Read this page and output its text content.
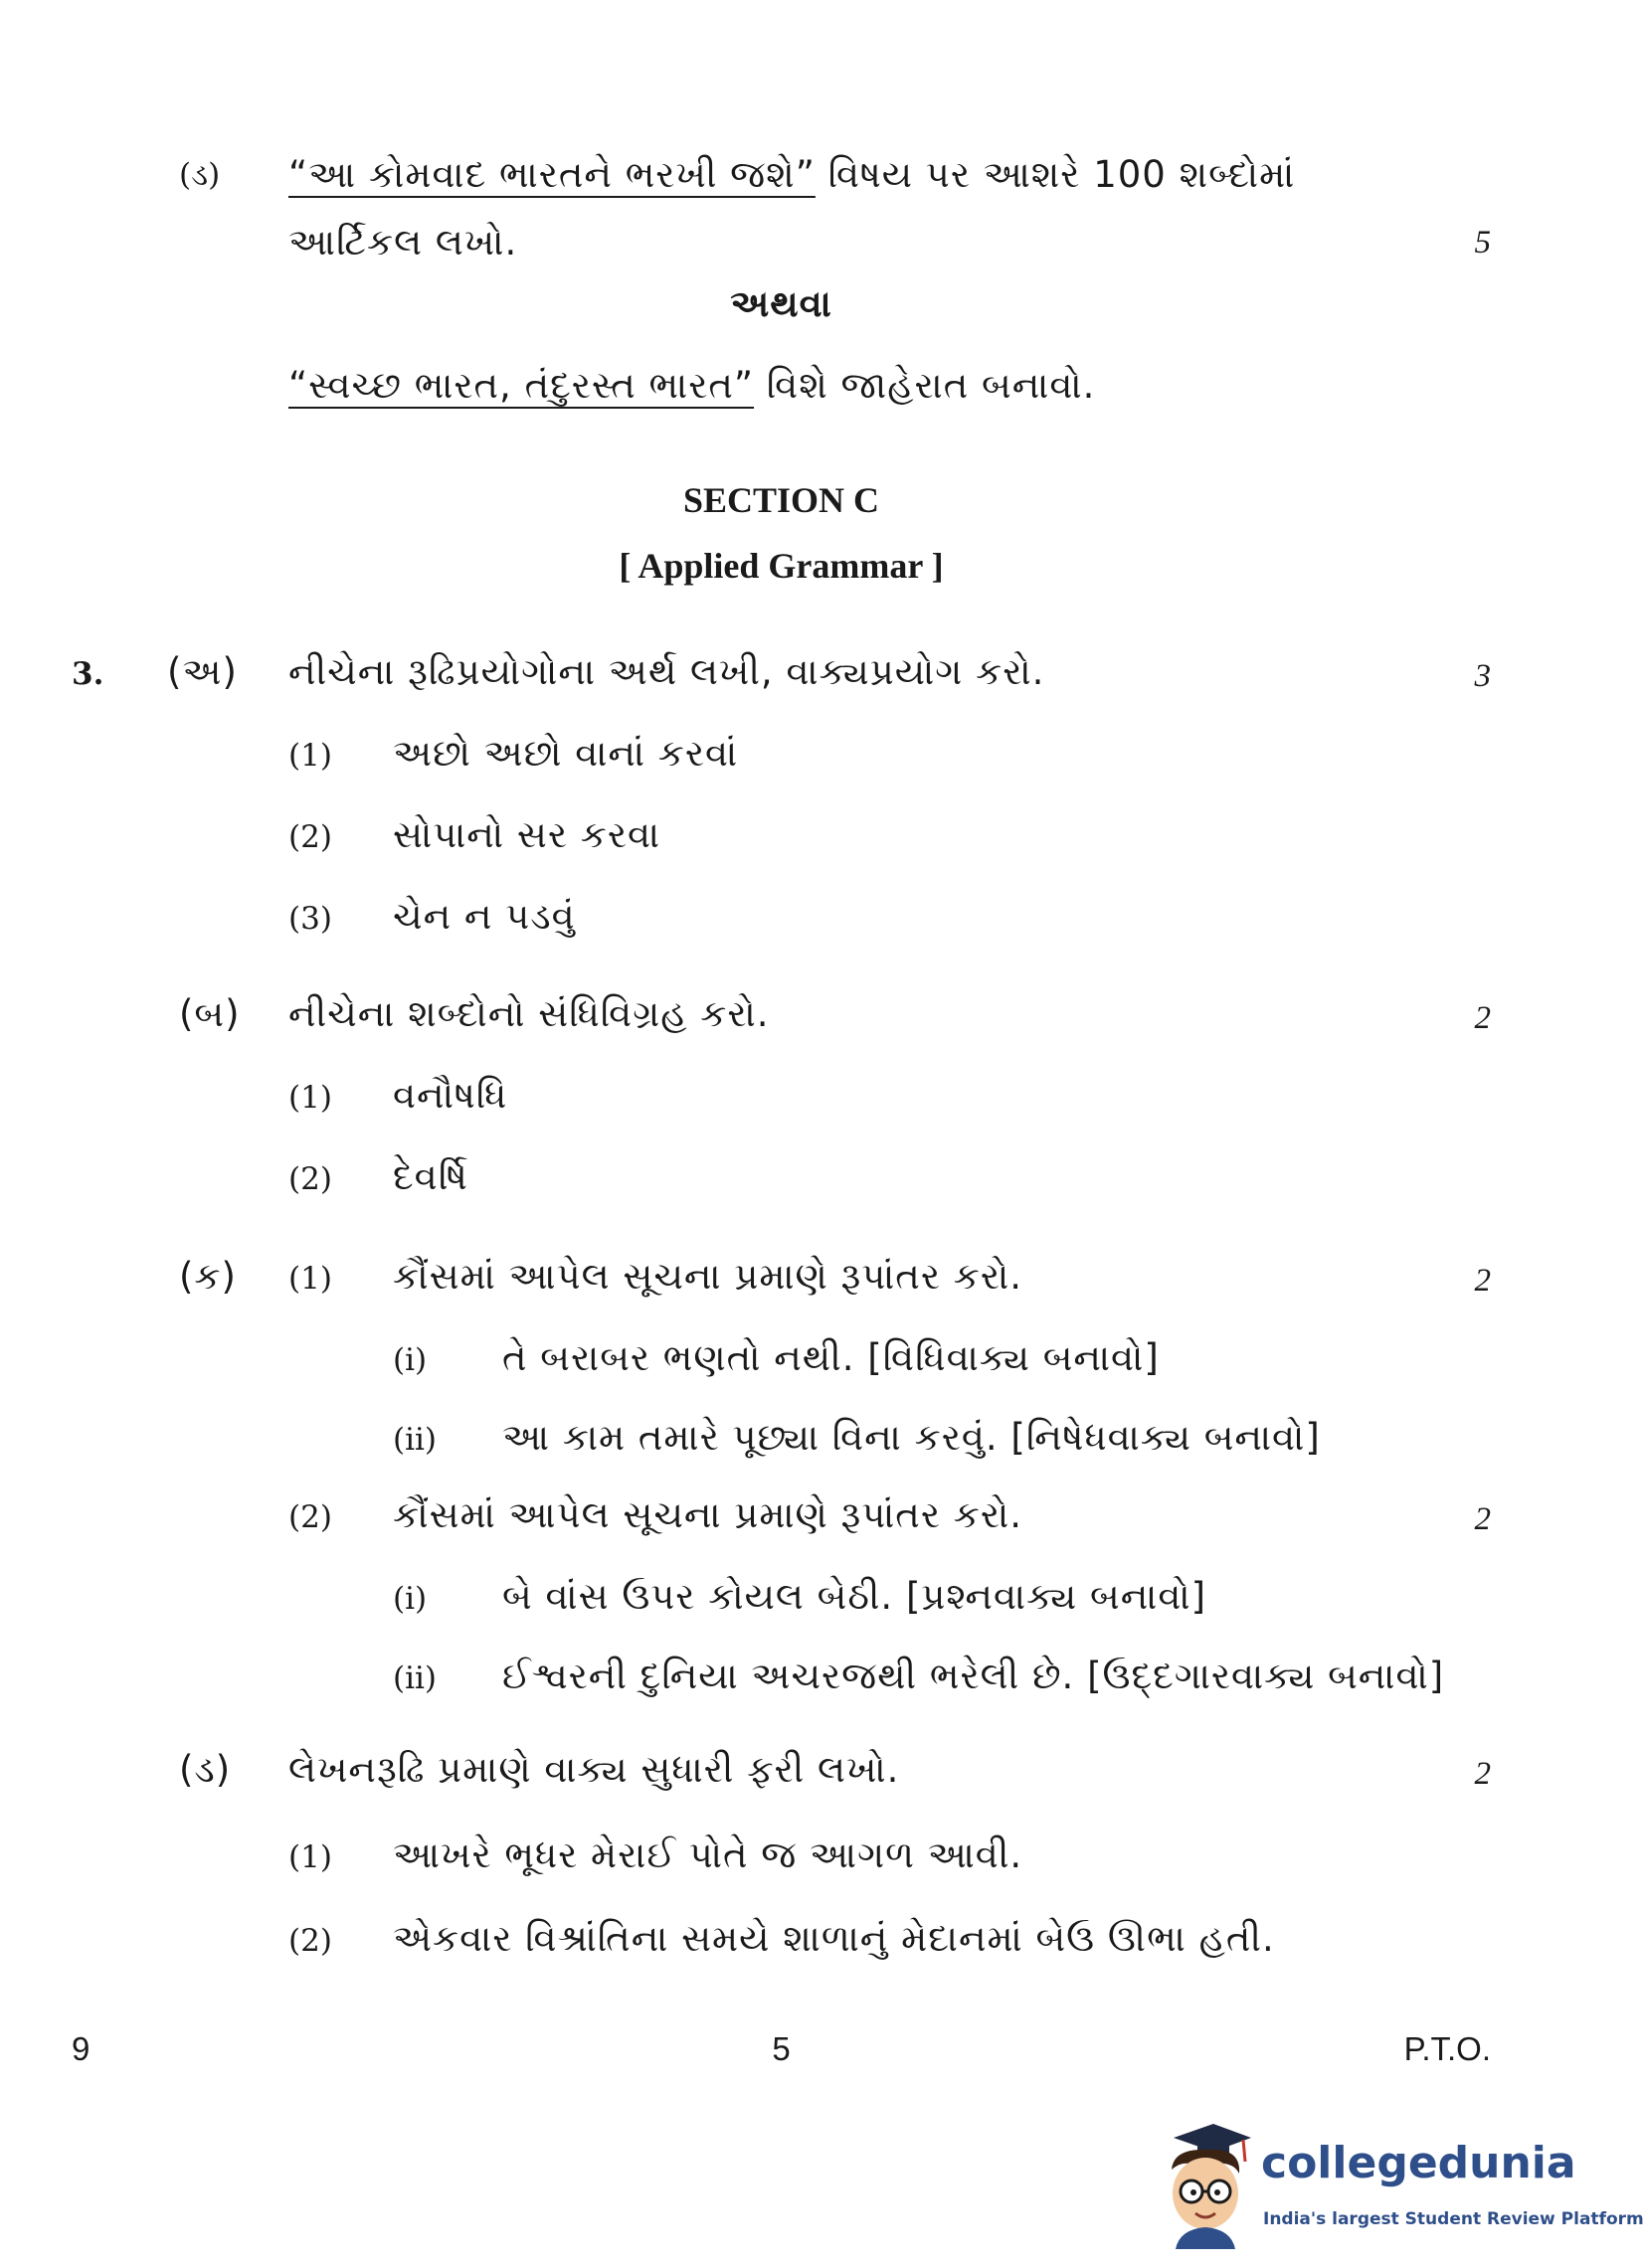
(ડ) “આ કોમવાદ ભારતને ભરખી જશે” વિષય પર આશરે 100 શબ્દોમાં
આર્ટિકલ લખો.	5
અથવા
“સ્વચ્છ ભારત, તંદુરસ્ત ભારત” વિશે જાહેરાત બનાવો.
SECTION C
[ Applied Grammar ]
3. (અ) નીચેના રૂઢિપ્રયોગોના અર્થ લખી, વાક્યપ્રયોગ કરો.	3
(1) અછો અછો વાનાં કરવાં
(2) સોપાનો સર કરવા
(3) ચેન ન પડવું
(બ) નીચેના શબ્દોનો સંધિવિગ્રહ કરો.	2
(1) વનૌષધિ
(2) દેવર્ષિ
(ક) (1) કૌંસમાં આપેલ સૂચના પ્રમાણે રૂપાંતર કરો.	2
(i) તે બરાબર ભણતો નથી. [વિધિવાક્ય બનાવો]
(ii) આ કામ તમારે પૂછ્યા વિના કરવું. [નિષેધવાક્ય બનાવો]
(2) કૌંસમાં આપેલ સૂચના પ્રમાણે રૂપાંતર કરો.	2
(i) બે વાંસ ઉપર કોયલ બેઠી. [પ્રશ્નવાક્ય બનાવો]
(ii) ઈશ્વરની દુનિયા અચરજથી ભરેલી છે. [ઉદ્દગારવાક્ય બનાવો]
(ડ) લેખનરૂઢિ પ્રમાણે વાક્ય સુધારી ફરી લખો.	2
(1) આખરે ભૂધર મેરાઈ પોતે જ આગળ આવી.
(2) એકવાર વિશ્રાંતિના સમયે શાળાનું મેદાનમાં બેઉ ઊભા હતી.
9	5	P.T.O.
collegedunia
India's largest Student Review Platform
